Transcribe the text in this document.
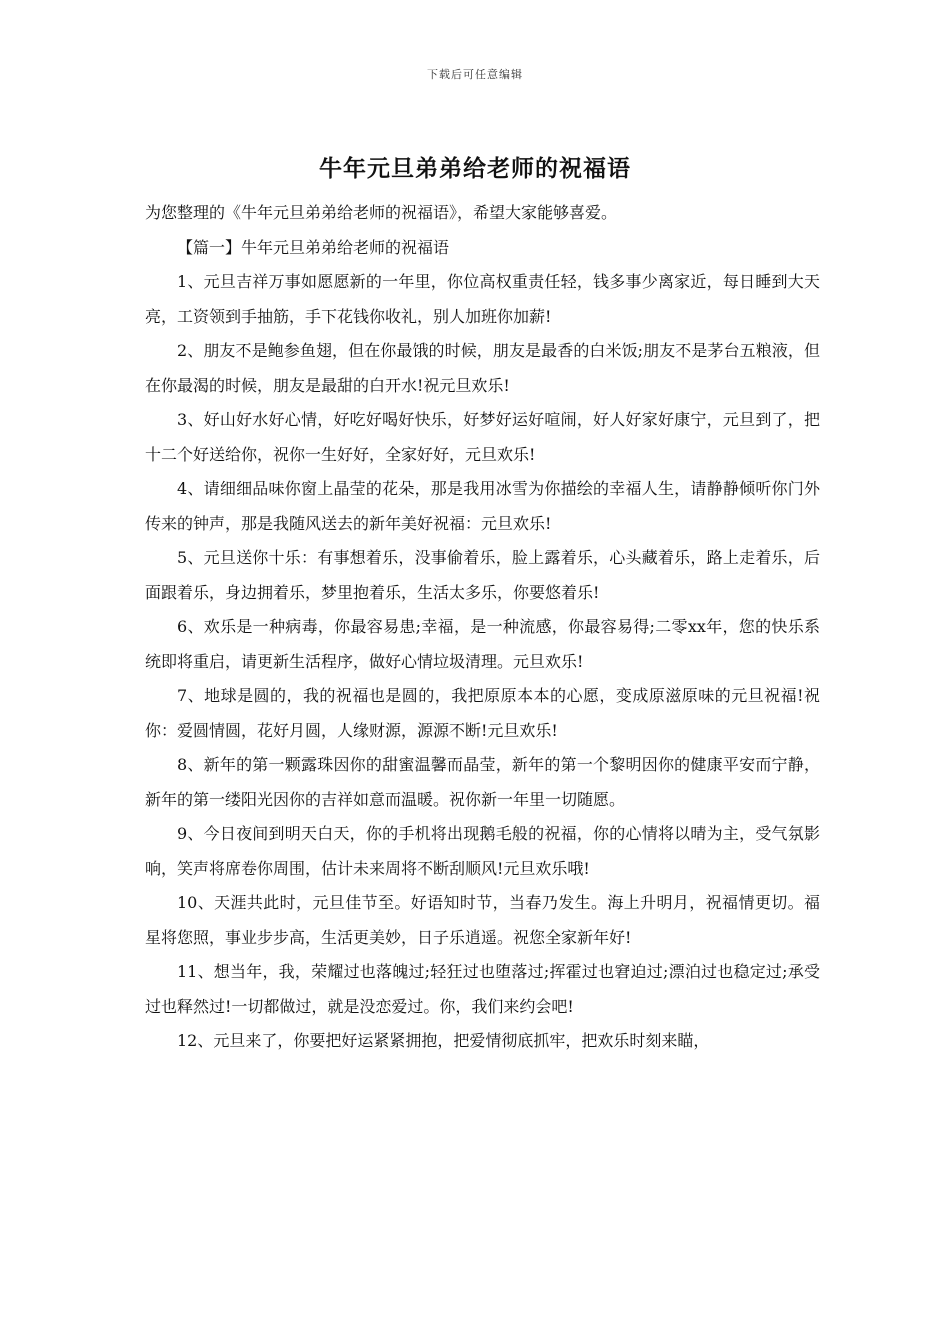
下载后可任意编辑
牛年元旦弟弟给老师的祝福语

为您整理的《牛年元旦弟弟给老师的祝福语》，希望大家能够喜爱。

【篇一】牛年元旦弟弟给老师的祝福语

1、元旦吉祥万事如愿愿新的一年里，你位高权重责任轻，钱多事少离家近，每日睡到大天亮，工资领到手抽筋，手下花钱你收礼，别人加班你加薪!

2、朋友不是鲍参鱼翅，但在你最饿的时候，朋友是最香的白米饭;朋友不是茅台五粮液，但在你最渴的时候，朋友是最甜的白开水!祝元旦欢乐!

3、好山好水好心情，好吃好喝好快乐，好梦好运好喧闹，好人好家好康宁，元旦到了，把十二个好送给你，祝你一生好好，全家好好，元旦欢乐!

4、请细细品味你窗上晶莹的花朵，那是我用冰雪为你描绘的幸福人生，请静静倾听你门外传来的钟声，那是我随风送去的新年美好祝福：元旦欢乐!

5、元旦送你十乐：有事想着乐，没事偷着乐，脸上露着乐，心头藏着乐，路上走着乐，后面跟着乐，身边拥着乐，梦里抱着乐，生活太多乐，你要悠着乐!

6、欢乐是一种病毒，你最容易患;幸福，是一种流感，你最容易得;二零xx年，您的快乐系统即将重启，请更新生活程序，做好心情垃圾清理。元旦欢乐!

7、地球是圆的，我的祝福也是圆的，我把原原本本的心愿，变成原滋原味的元旦祝福!祝你：爱圆情圆，花好月圆，人缘财源，源源不断!元旦欢乐!

8、新年的第一颗露珠因你的甜蜜温馨而晶莹，新年的第一个黎明因你的健康平安而宁静，新年的第一缕阳光因你的吉祥如意而温暖。祝你新一年里一切随愿。

9、今日夜间到明天白天，你的手机将出现鹅毛般的祝福，你的心情将以晴为主，受气氛影响，笑声将席卷你周围，估计未来周将不断刮顺风!元旦欢乐哦!

10、天涯共此时，元旦佳节至。好语知时节，当春乃发生。海上升明月，祝福情更切。福星将您照，事业步步高，生活更美妙，日子乐逍遥。祝您全家新年好!

11、想当年，我，荣耀过也落魄过;轻狂过也堕落过;挥霍过也窘迫过;漂泊过也稳定过;承受过也释然过!一切都做过，就是没恋爱过。你，我们来约会吧!

12、元旦来了，你要把好运紧紧拥抱，把爱情彻底抓牢，把欢乐时刻来瞄，
